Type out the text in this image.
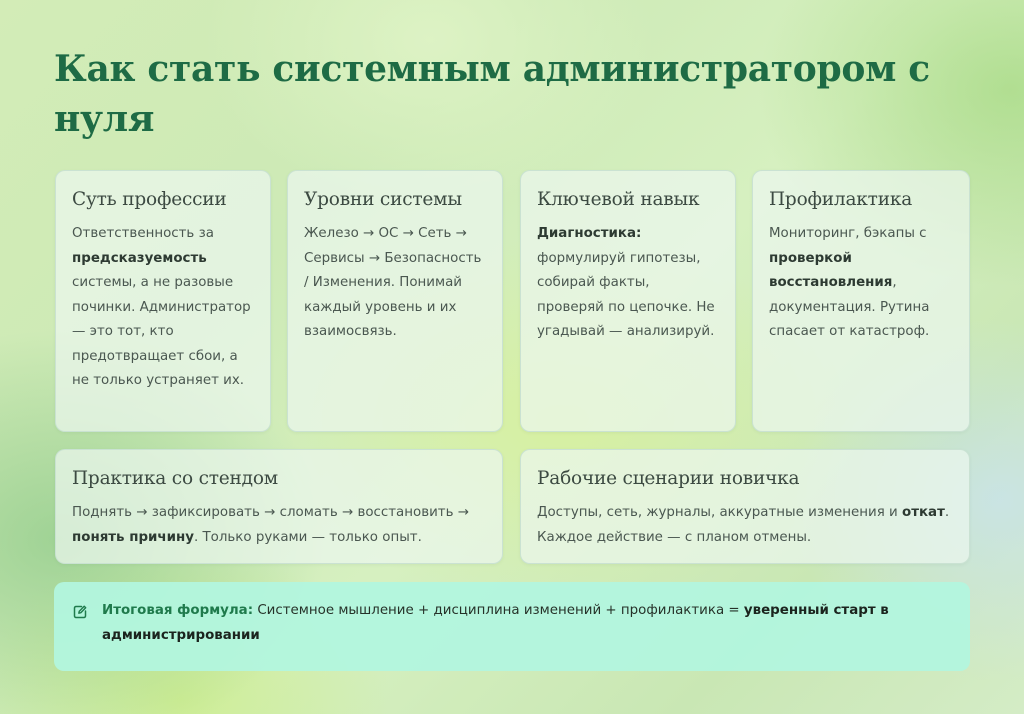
Как стать системным администратором с нуля
Суть профессии

Ответственность за предсказуемость системы, а не разовые починки. Администратор — это тот, кто предотвращает сбои, а не только устраняет их.

Уровни системы

Железо → ОС → Сеть → Сервисы → Безопасность / Изменения. Понимай каждый уровень и их взаимосвязь.

Ключевой навык

Диагностика: формулируй гипотезы, собирай факты, проверяй по цепочке. Не угадывай — анализируй.

Профилактика

Мониторинг, бэкапы с проверкой восстановления, документация. Рутина спасает от катастроф.

Практика со стендом

Поднять → зафиксировать → сломать → восстановить → понять причину. Только руками — только опыт.

Рабочие сценарии новичка

Доступы, сеть, журналы, аккуратные изменения и откат. Каждое действие — с планом отмены.

Итоговая формула: Системное мышление + дисциплина изменений + профилактика = уверенный старт в администрировании
